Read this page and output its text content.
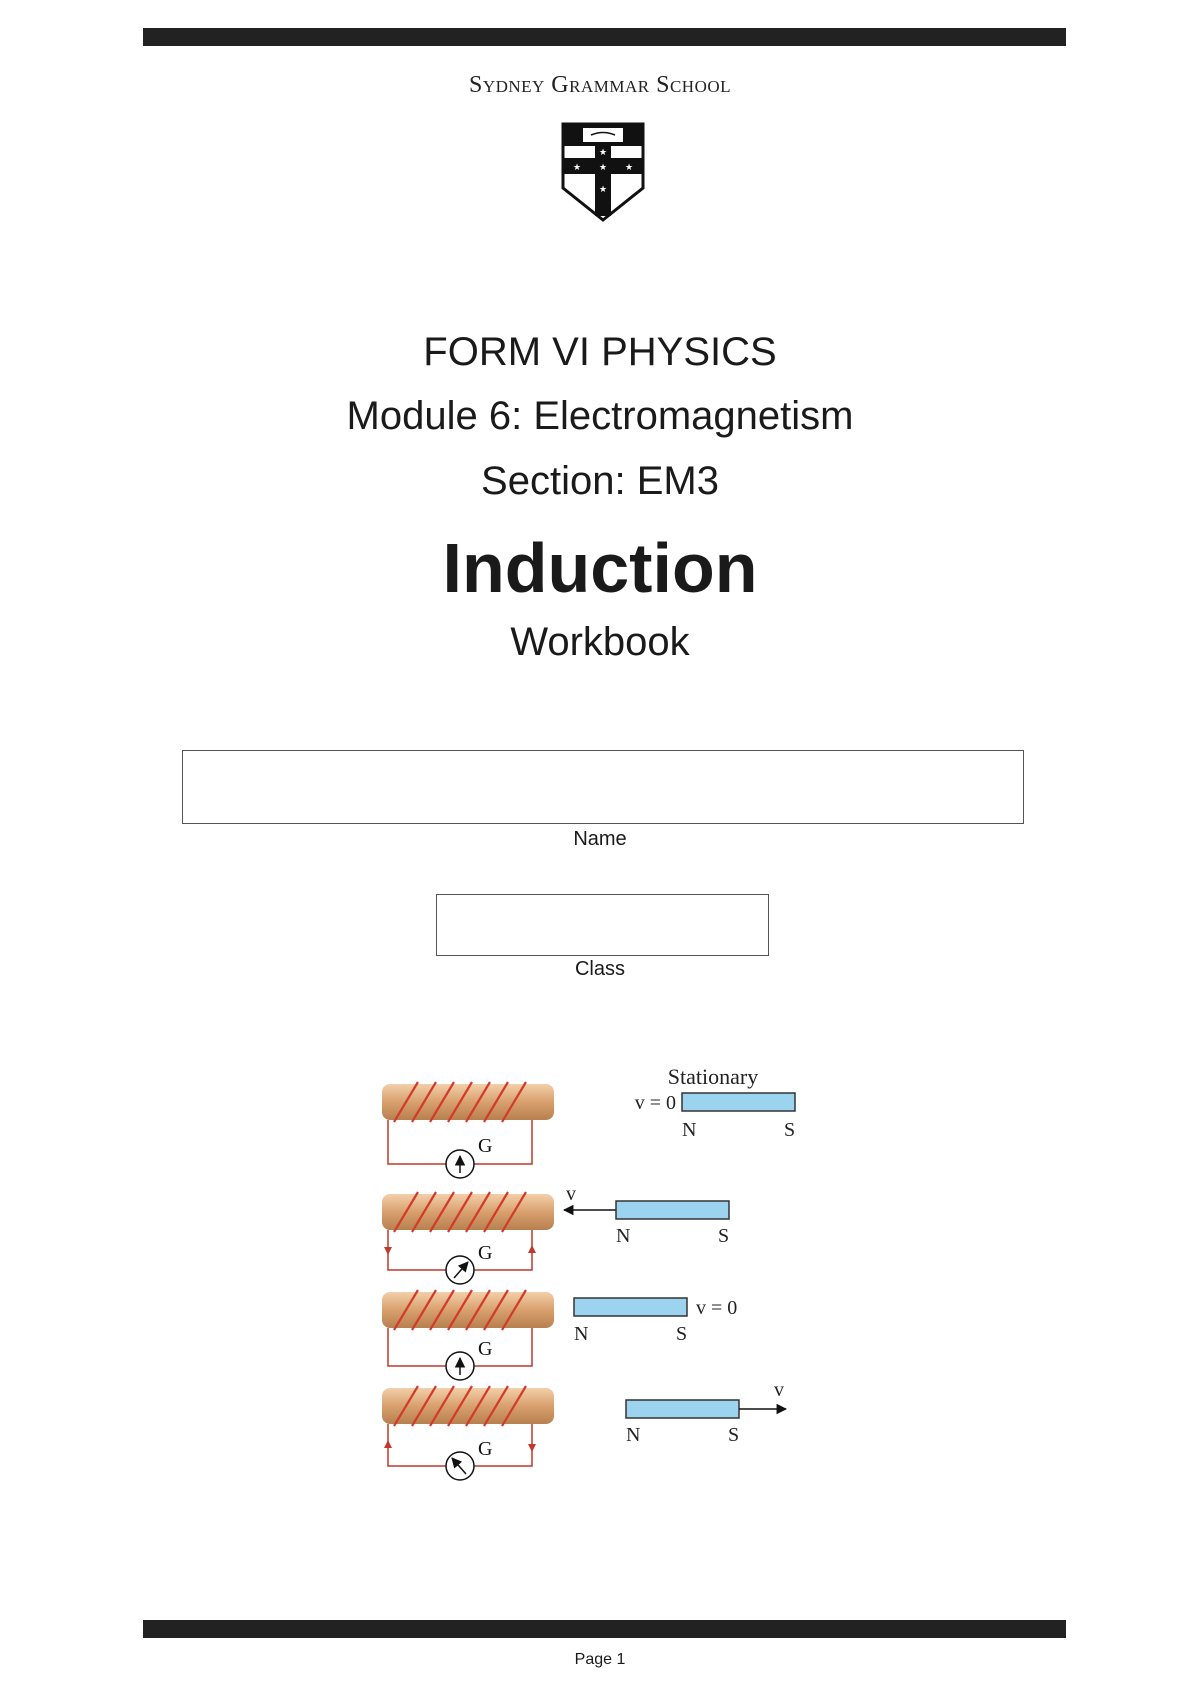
Sydney Grammar School
★
★ ★ ★
★
FORM VI PHYSICS
Module 6: Electromagnetism
Section: EM3
Induction
Workbook
Name
Class
G
Stationary
v = 0
N	S
G
v
N	S
G
v = 0
N	S
G
v
N	S
Page 1
